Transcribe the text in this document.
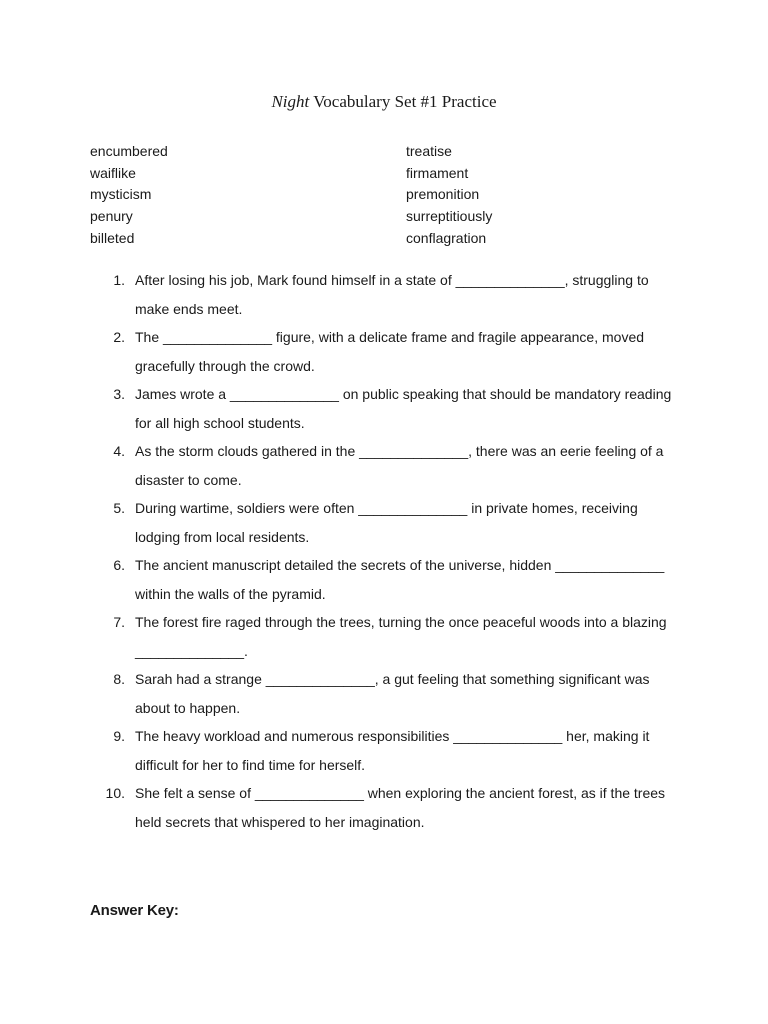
Night Vocabulary Set #1 Practice
encumbered
waiflike
mysticism
penury
billeted
treatise
firmament
premonition
surreptitiously
conflagration
1. After losing his job, Mark found himself in a state of ______________, struggling to make ends meet.
2. The ______________ figure, with a delicate frame and fragile appearance, moved gracefully through the crowd.
3. James wrote a ______________ on public speaking that should be mandatory reading for all high school students.
4. As the storm clouds gathered in the ______________, there was an eerie feeling of a disaster to come.
5. During wartime, soldiers were often ______________ in private homes, receiving lodging from local residents.
6. The ancient manuscript detailed the secrets of the universe, hidden ______________ within the walls of the pyramid.
7. The forest fire raged through the trees, turning the once peaceful woods into a blazing ______________.
8. Sarah had a strange ______________, a gut feeling that something significant was about to happen.
9. The heavy workload and numerous responsibilities ______________ her, making it difficult for her to find time for herself.
10. She felt a sense of ______________ when exploring the ancient forest, as if the trees held secrets that whispered to her imagination.
Answer Key:
